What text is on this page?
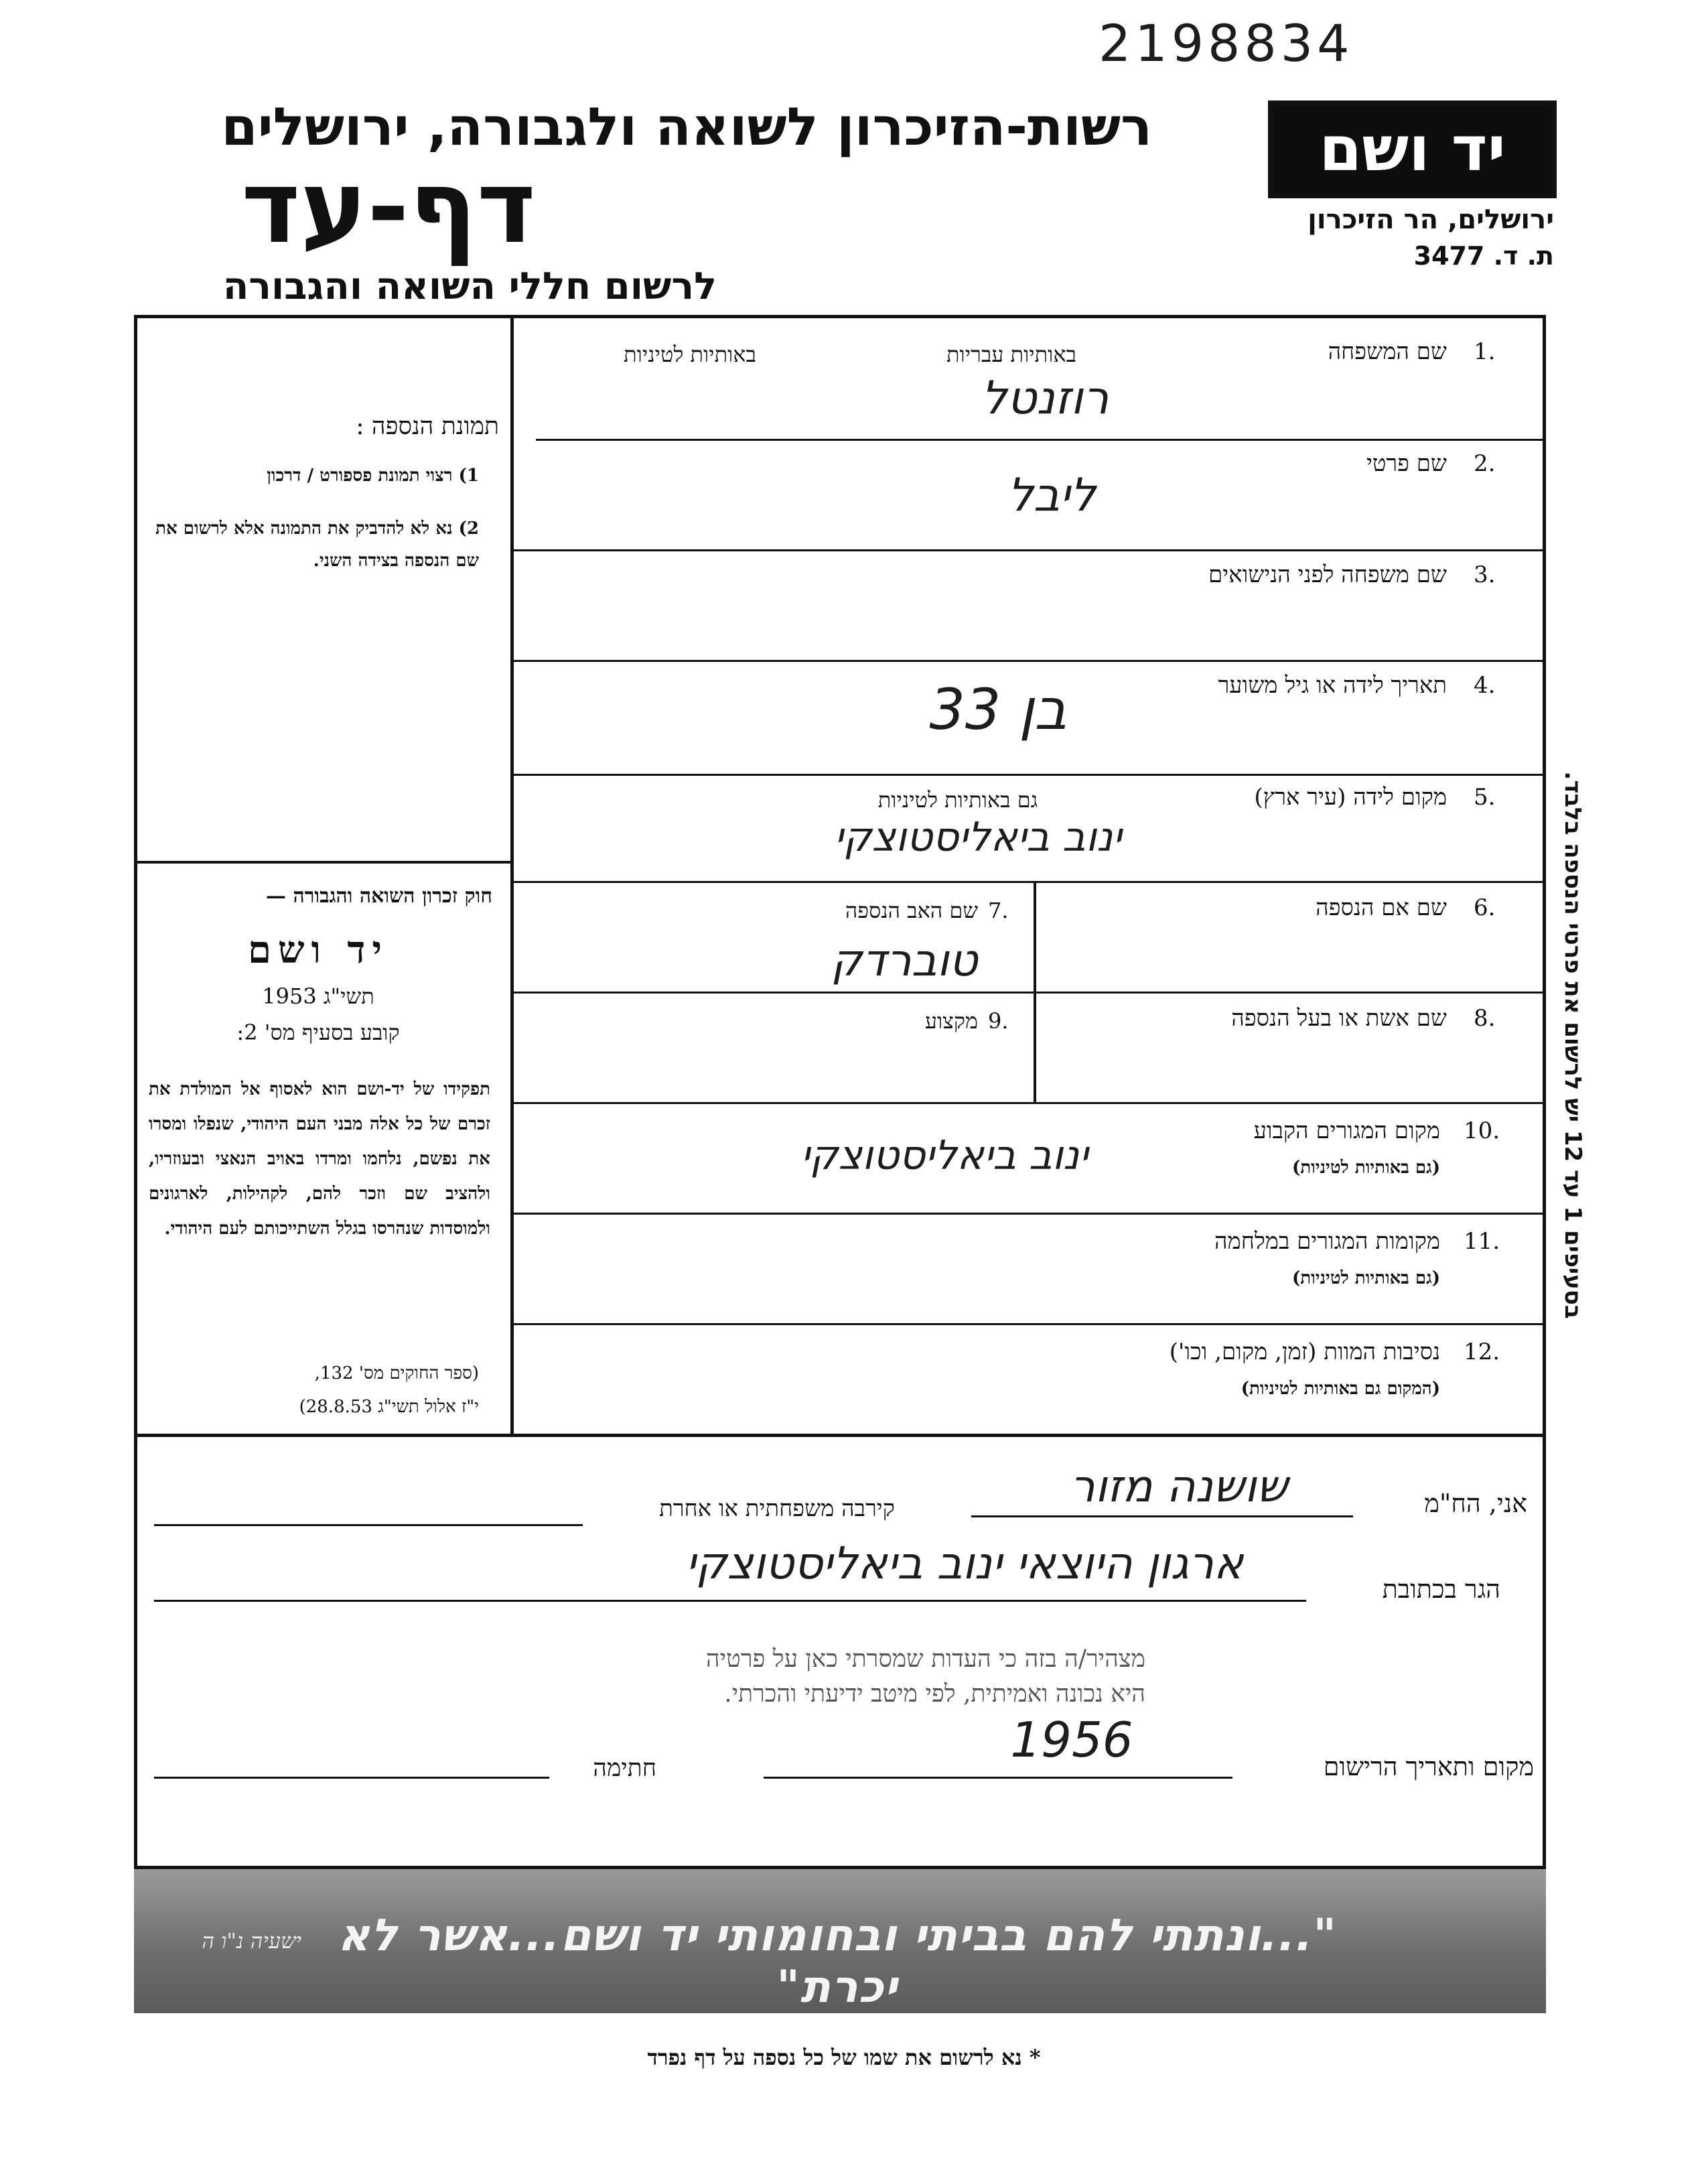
2198834
רשות-הזיכרון לשואה ולגבורה, ירושלים
דף-עד
לרשום חללי השואה והגבורה
יד ושם
ירושלים, הר הזיכרון
ת. ד. 3477
תמונת הנספה :
1) רצוי תמונת פספורט / דרכון
2) נא לא להדביק את התמונה אלא לרשום את שם הנספה בצידה השני.
חוק זכרון השואה והגבורה —
יד ושם
תשי"ג 1953
קובע בסעיף מס' 2:
תפקידו של יד-ושם הוא לאסוף אל המולדת את זכרם של כל אלה מבני העם היהודי, שנפלו ומסרו את נפשם, נלחמו ומרדו באויב הנאצי ובעוזריו, ולהציב שם וזכר להם, לקהילות, לארגונים ולמוסדות שנהרסו בגלל השתייכותם לעם היהודי.
(ספר החוקים מס' 132,
י"ז אלול תשי"ג 28.8.53)
1.
שם המשפחה
באותיות עבריות
באותיות לטיניות
רוזנטל
2.
שם פרטי
ליבל
3.
שם משפחה לפני הנישואים
4.
תאריך לידה או גיל משוער
בן 33
5.
מקום לידה (עיר ארץ)
גם באותיות לטיניות
ינוב ביאליסטוצקי
6.
שם אם הנספה
7.
שם האב הנספה
טוברדק
8.
שם אשת או בעל הנספה
9.
מקצוע
10.
מקום המגורים הקבוע
(גם באותיות לטיניות)
ינוב ביאליסטוצקי
11.
מקומות המגורים במלחמה
(גם באותיות לטיניות)
12.
נסיבות המוות (זמן, מקום, וכו')
(המקום גם באותיות לטיניות)
בסעיפים 1 עד 12 יש לרשום את פרטי הנספה בלבד.
אני, הח"מ
שושנה מזור
קירבה משפחתית או אחרת
הגר בכתובת
ארגון היוצאי ינוב ביאליסטוצקי
מצהיר/ה בזה כי העדות שמסרתי כאן על פרטיה
היא נכונה ואמיתית, לפי מיטב ידיעתי והכרתי.
מקום ותאריך הרישום
1956
חתימה
"...ונתתי להם בביתי ובחומותי יד ושם...אשר לא יכרת"
ישעיה נ"ו ה
* נא לרשום את שמו של כל נספה על דף נפרד
